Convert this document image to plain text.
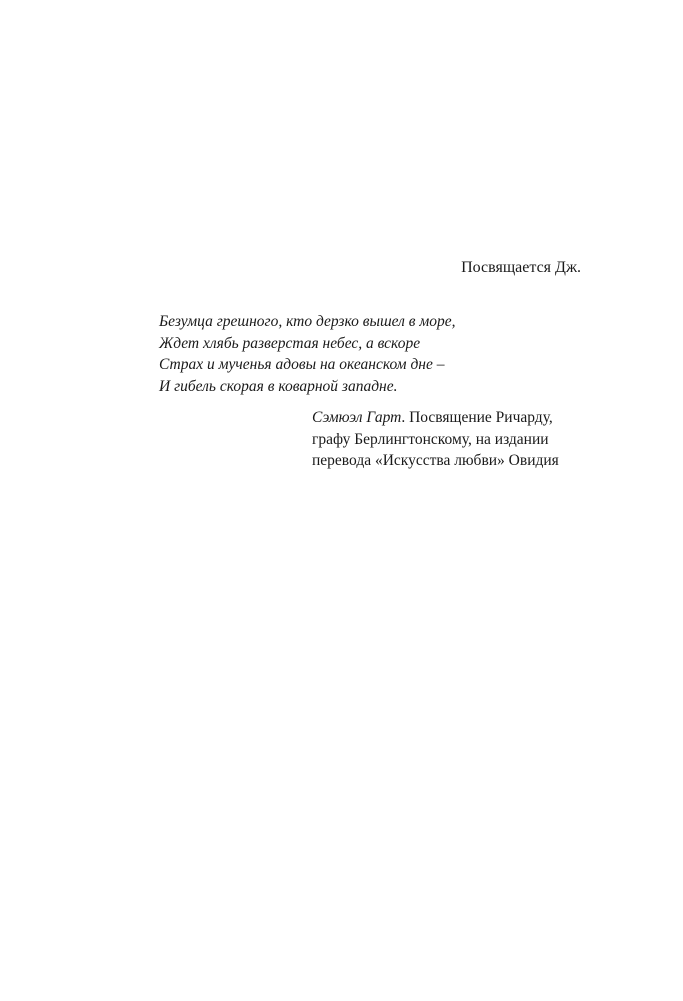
Посвящается Дж.
Безумца грешного, кто дерзко вышел в море,
Ждет хлябь разверстая небес, а вскоре
Страх и мученья адовы на океанском дне –
И гибель скорая в коварной западне.
Сэмюэл Гарт. Посвящение Ричарду,
графу Берлингтонскому, на издании
перевода «Искусства любви» Овидия
